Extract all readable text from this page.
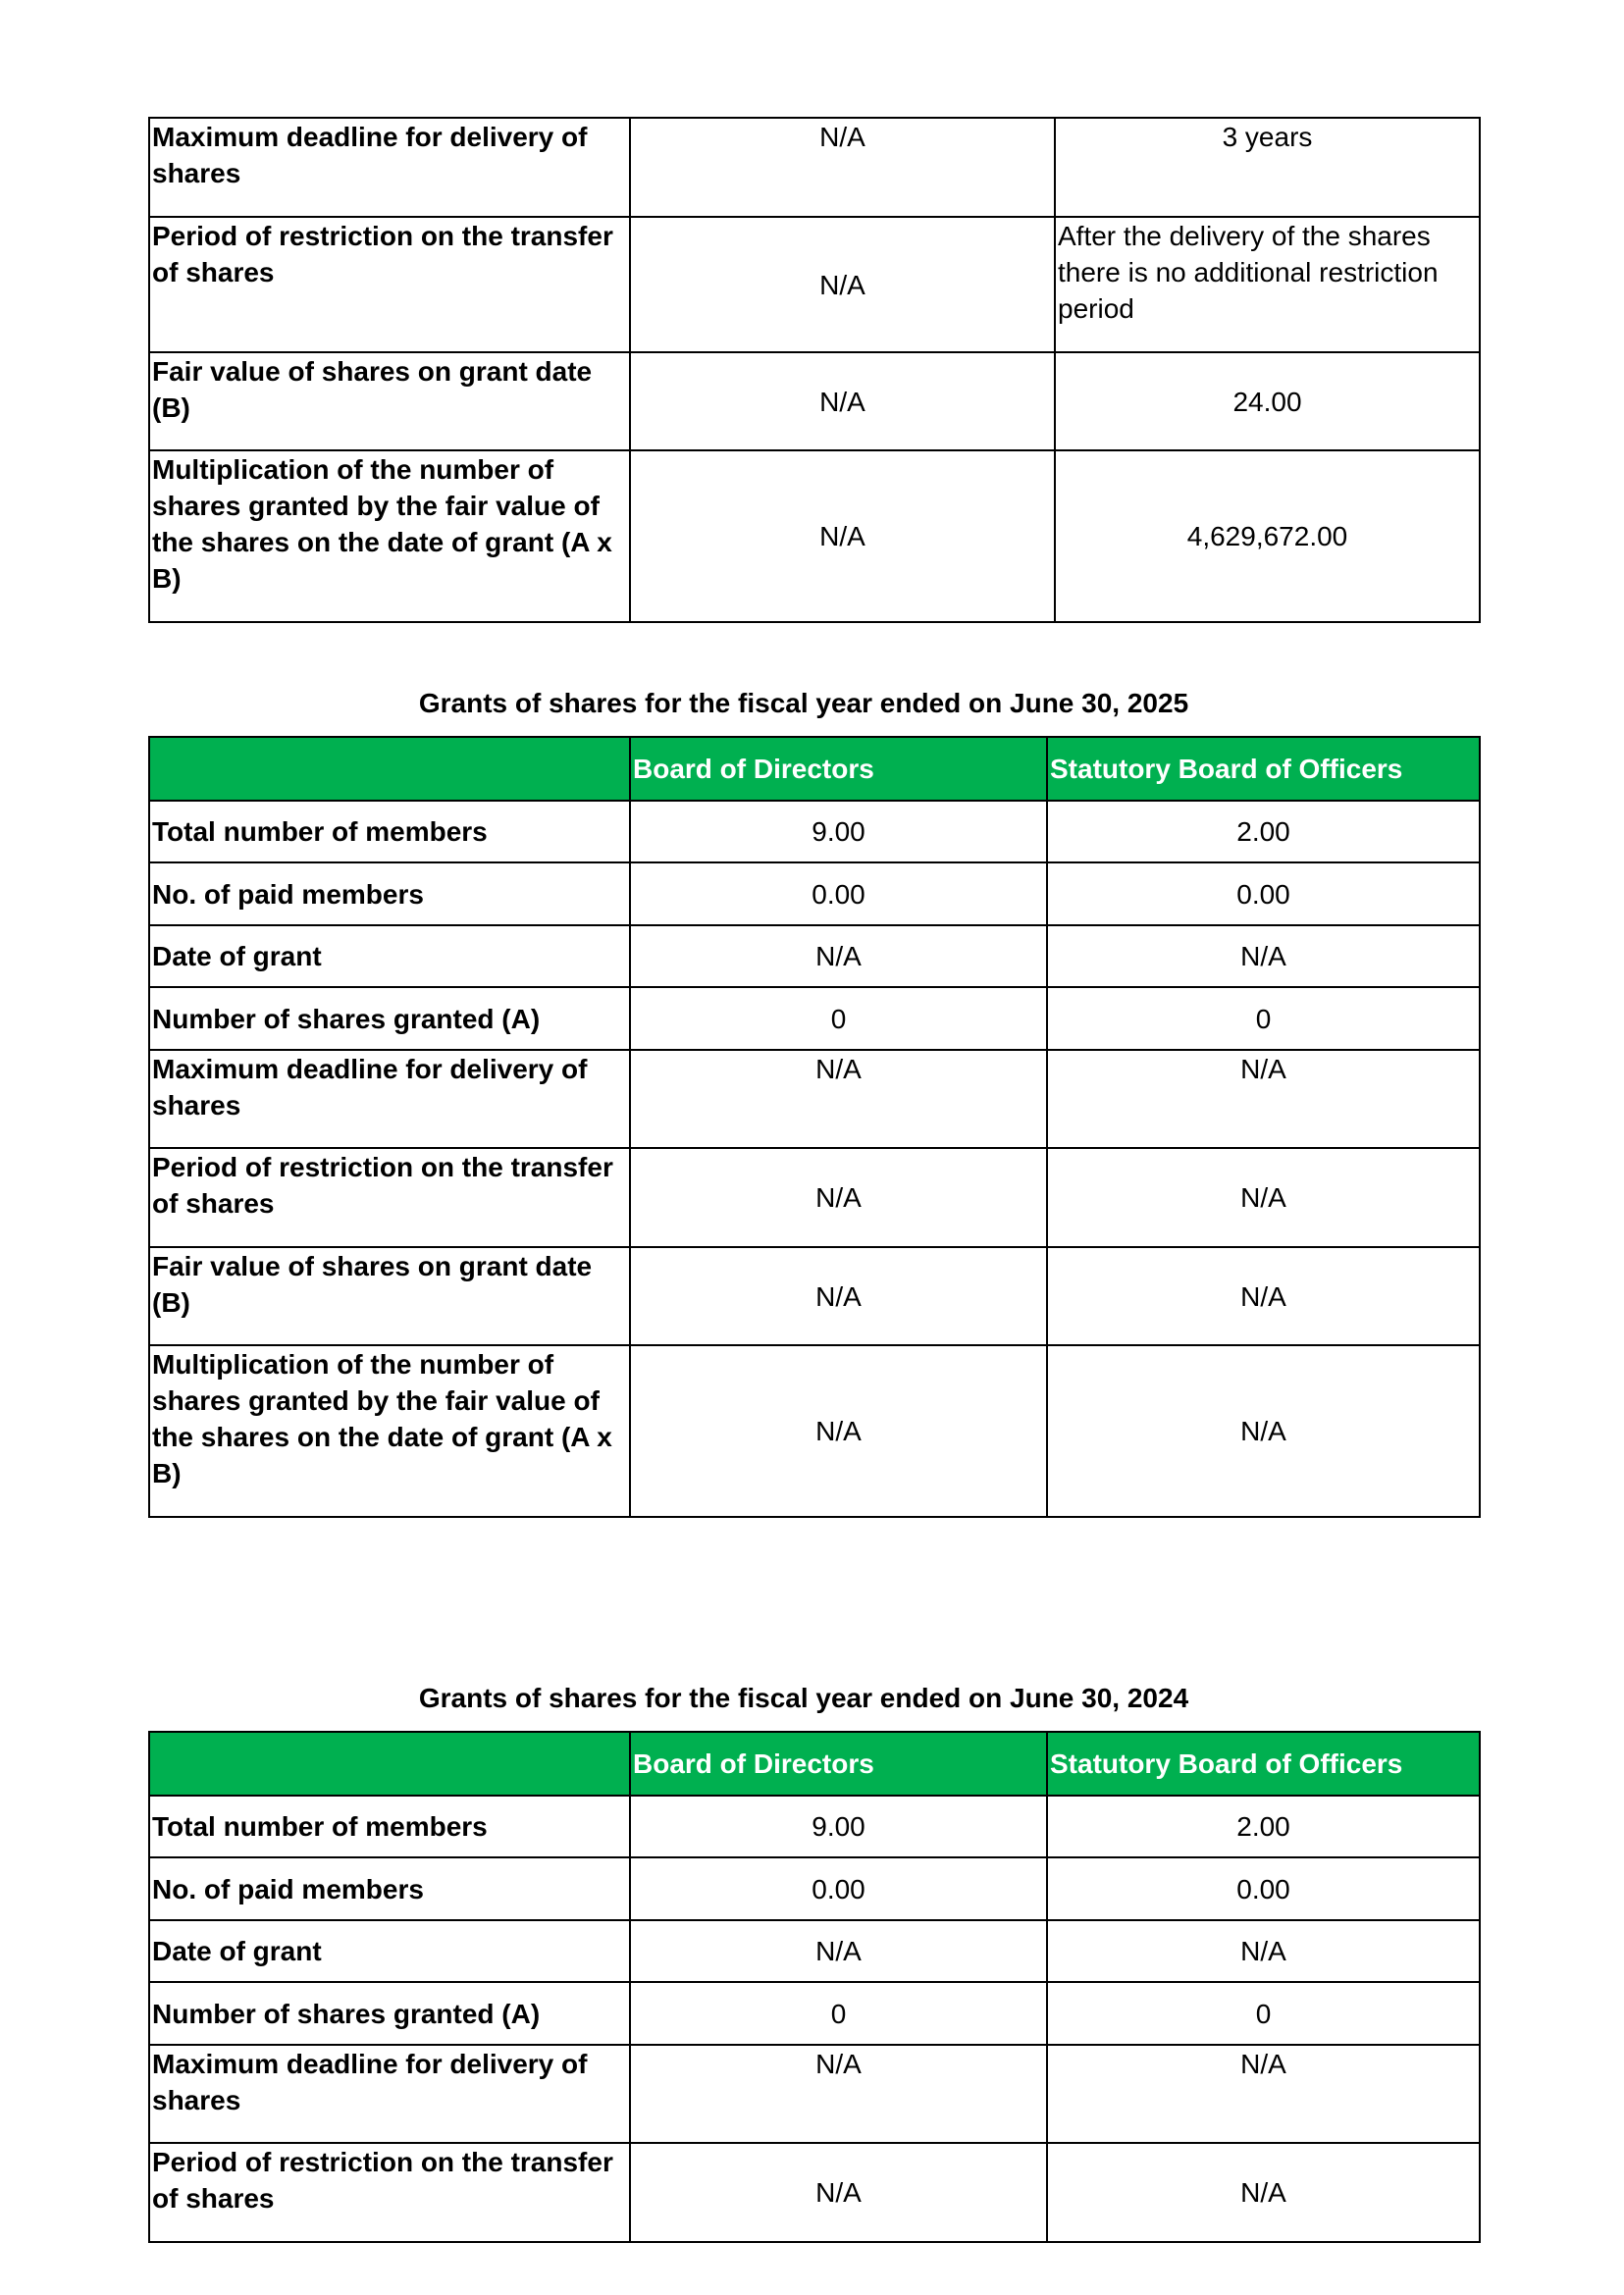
Maximum deadline for delivery of shares	N/A	3 years
Period of restriction on the transfer of shares	N/A	After the delivery of the shares there is no additional restriction period
Fair value of shares on grant date (B)	N/A	24.00
Multiplication of the number of shares granted by the fair value of the shares on the date of grant (A x B)	N/A	4,629,672.00
Grants of shares for the fiscal year ended on June 30, 2025
	Board of Directors	Statutory Board of Officers
Total number of members	9.00	2.00
No. of paid members	0.00	0.00
Date of grant	N/A	N/A
Number of shares granted (A)	0	0
Maximum deadline for delivery of shares	N/A	N/A
Period of restriction on the transfer of shares	N/A	N/A
Fair value of shares on grant date (B)	N/A	N/A
Multiplication of the number of shares granted by the fair value of the shares on the date of grant (A x B)	N/A	N/A
Grants of shares for the fiscal year ended on June 30, 2024
	Board of Directors	Statutory Board of Officers
Total number of members	9.00	2.00
No. of paid members	0.00	0.00
Date of grant	N/A	N/A
Number of shares granted (A)	0	0
Maximum deadline for delivery of shares	N/A	N/A
Period of restriction on the transfer of shares	N/A	N/A
